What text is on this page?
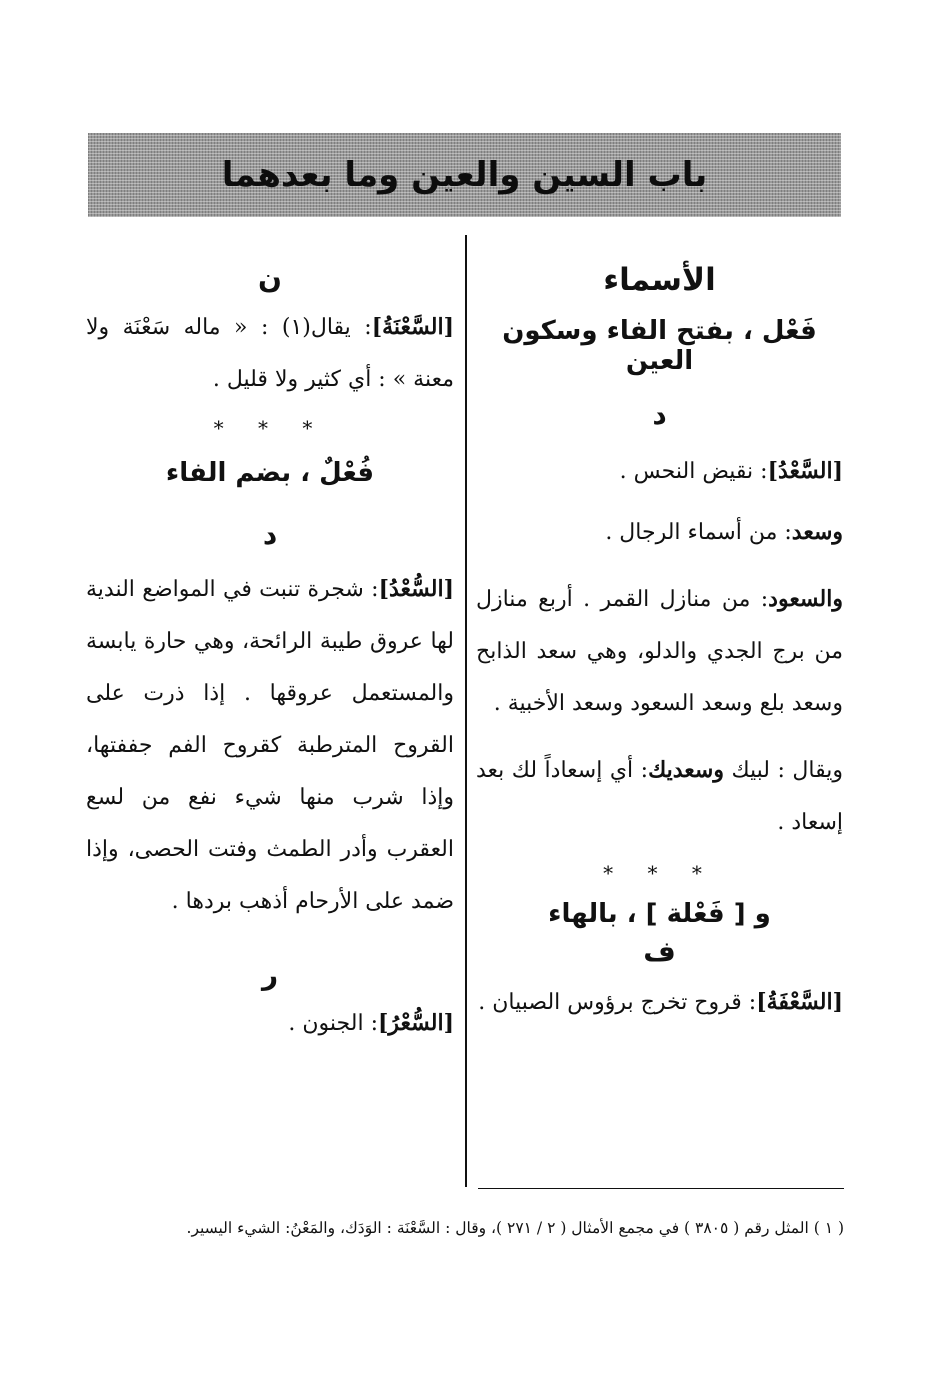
باب السين والعين وما بعدهما

الأسماء

فَعْل ، بفتح الفاء وسكون العين

د

[السَّعْدُ]: نقيض النحس .

وسعد: من أسماء الرجال .

والسعود: من منازل القمر . أربع منازل من برج الجدي والدلو، وهي سعد الذابح وسعد بلع وسعد السعود وسعد الأخبية .

ويقال : لبيك وسعديك: أي إسعاداً لك بعد إسعاد .

* * *

و [ فَعْلة ] ، بالهاء

ف

[السَّعْفَةُ]: قروح تخرج برؤوس الصبيان .

ن

[السَّعْنَةُ]: يقال(١) : « ماله سَعْنَة ولا معنة » : أي كثير ولا قليل .

* * *

فُعْلٌ ، بضم الفاء

د

[السُّعْدُ]: شجرة تنبت في المواضع الندية لها عروق طيبة الرائحة، وهي حارة يابسة والمستعمل عروقها . إذا ذرت على القروح المترطبة كقروح الفم جففتها، وإذا شرب منها شيء نفع من لسع العقرب وأدر الطمث وفتت الحصى، وإذا ضمد على الأرحام أذهب بردها .

ر

[السُّعْرُ]: الجنون .

( ١ ) المثل رقم ( ٣٨٠٥ ) في مجمع الأمثال ( ٢ / ٢٧١ )، وقال : السَّعْنَة : الوَدَك، والمَعْنُ: الشيء اليسير.
